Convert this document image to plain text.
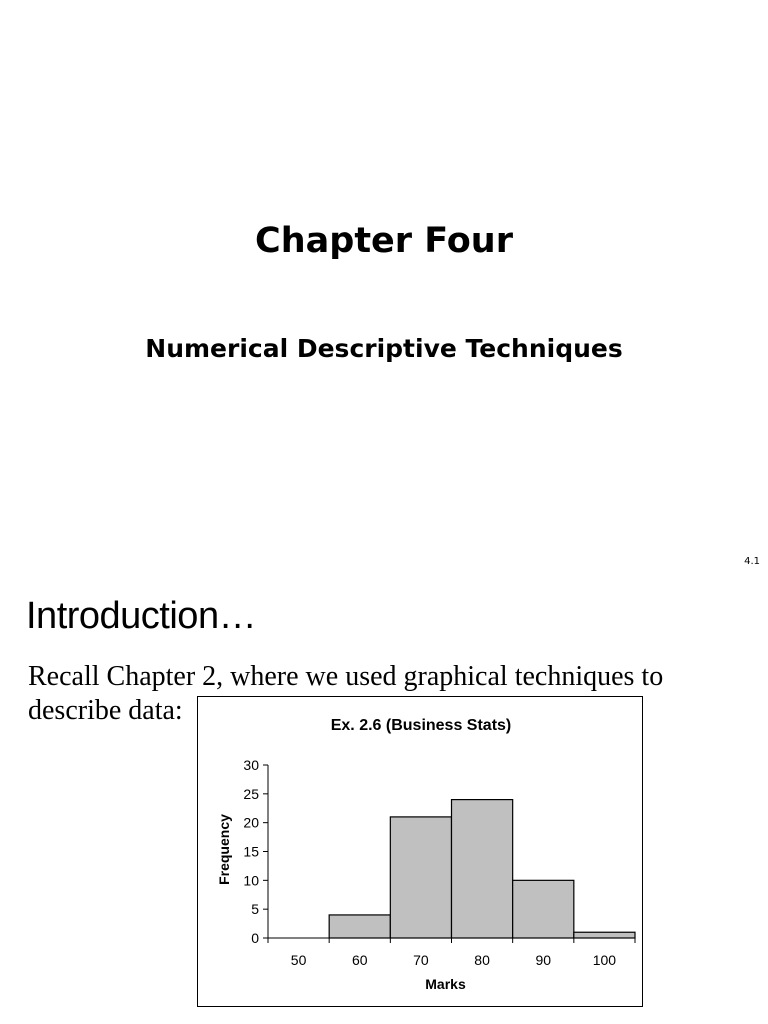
Chapter Four
Numerical Descriptive Techniques
4.1
Introduction…

Recall Chapter 2, where we used graphical techniques to describe data:	Ex. 2.6 (Business Stats)
0
5
10
15
20
25
30
50	60	70	80	90	100
Marks
Frequency
